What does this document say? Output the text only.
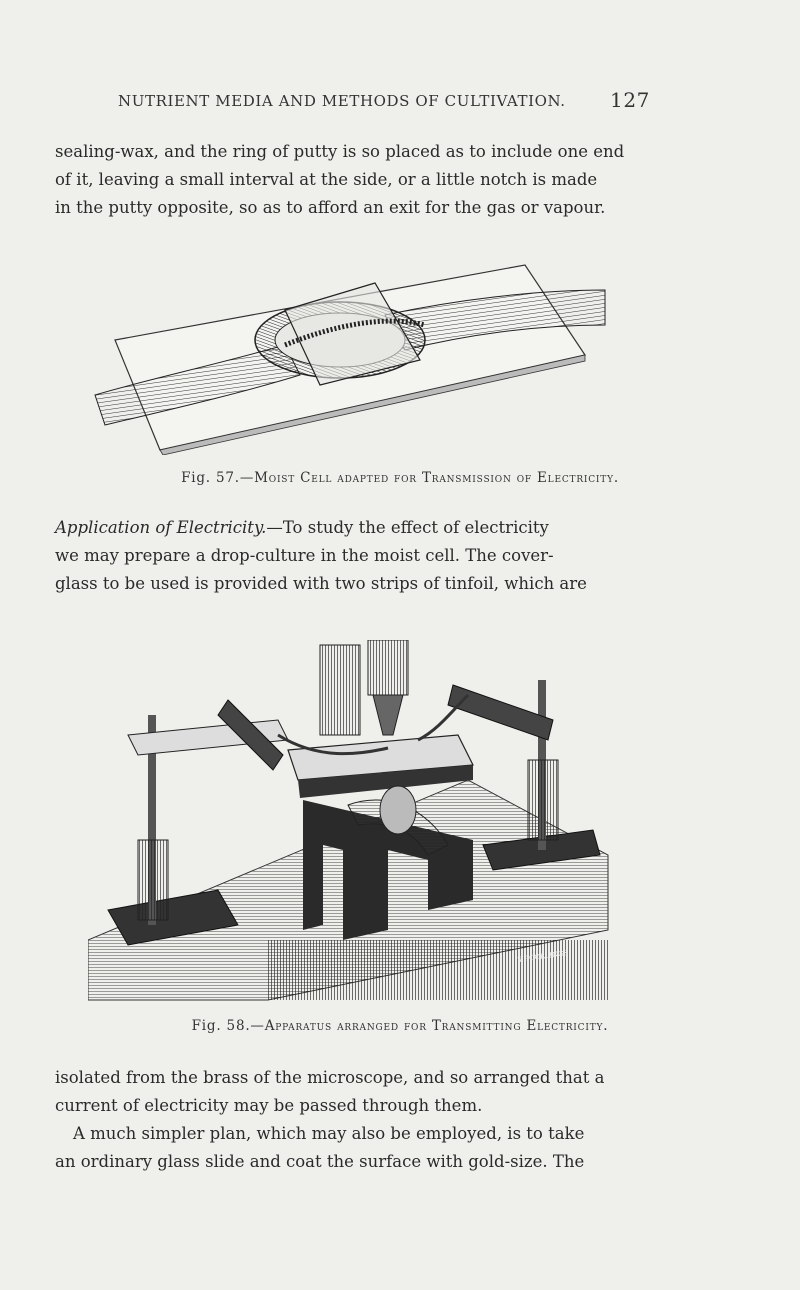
NUTRIENT MEDIA AND METHODS OF CULTIVATION. 127

sealing-wax, and the ring of putty is so placed as to include one end
of it, leaving a small interval at the side, or a little notch is made
in the putty opposite, so as to afford an exit for the gas or vapour.

Fig. 57.—Moist Cell adapted for Transmission of Electricity.

Application of Electricity.—To study the effect of electricity
we may prepare a drop-culture in the moist cell. The cover-
glass to be used is provided with two strips of tinfoil, which are

T.P.COLLINGS
Fig. 58.—Apparatus arranged for Transmitting Electricity.

isolated from the brass of the microscope, and so arranged that a
current of electricity may be passed through them.
A much simpler plan, which may also be employed, is to take
an ordinary glass slide and coat the surface with gold-size. The
